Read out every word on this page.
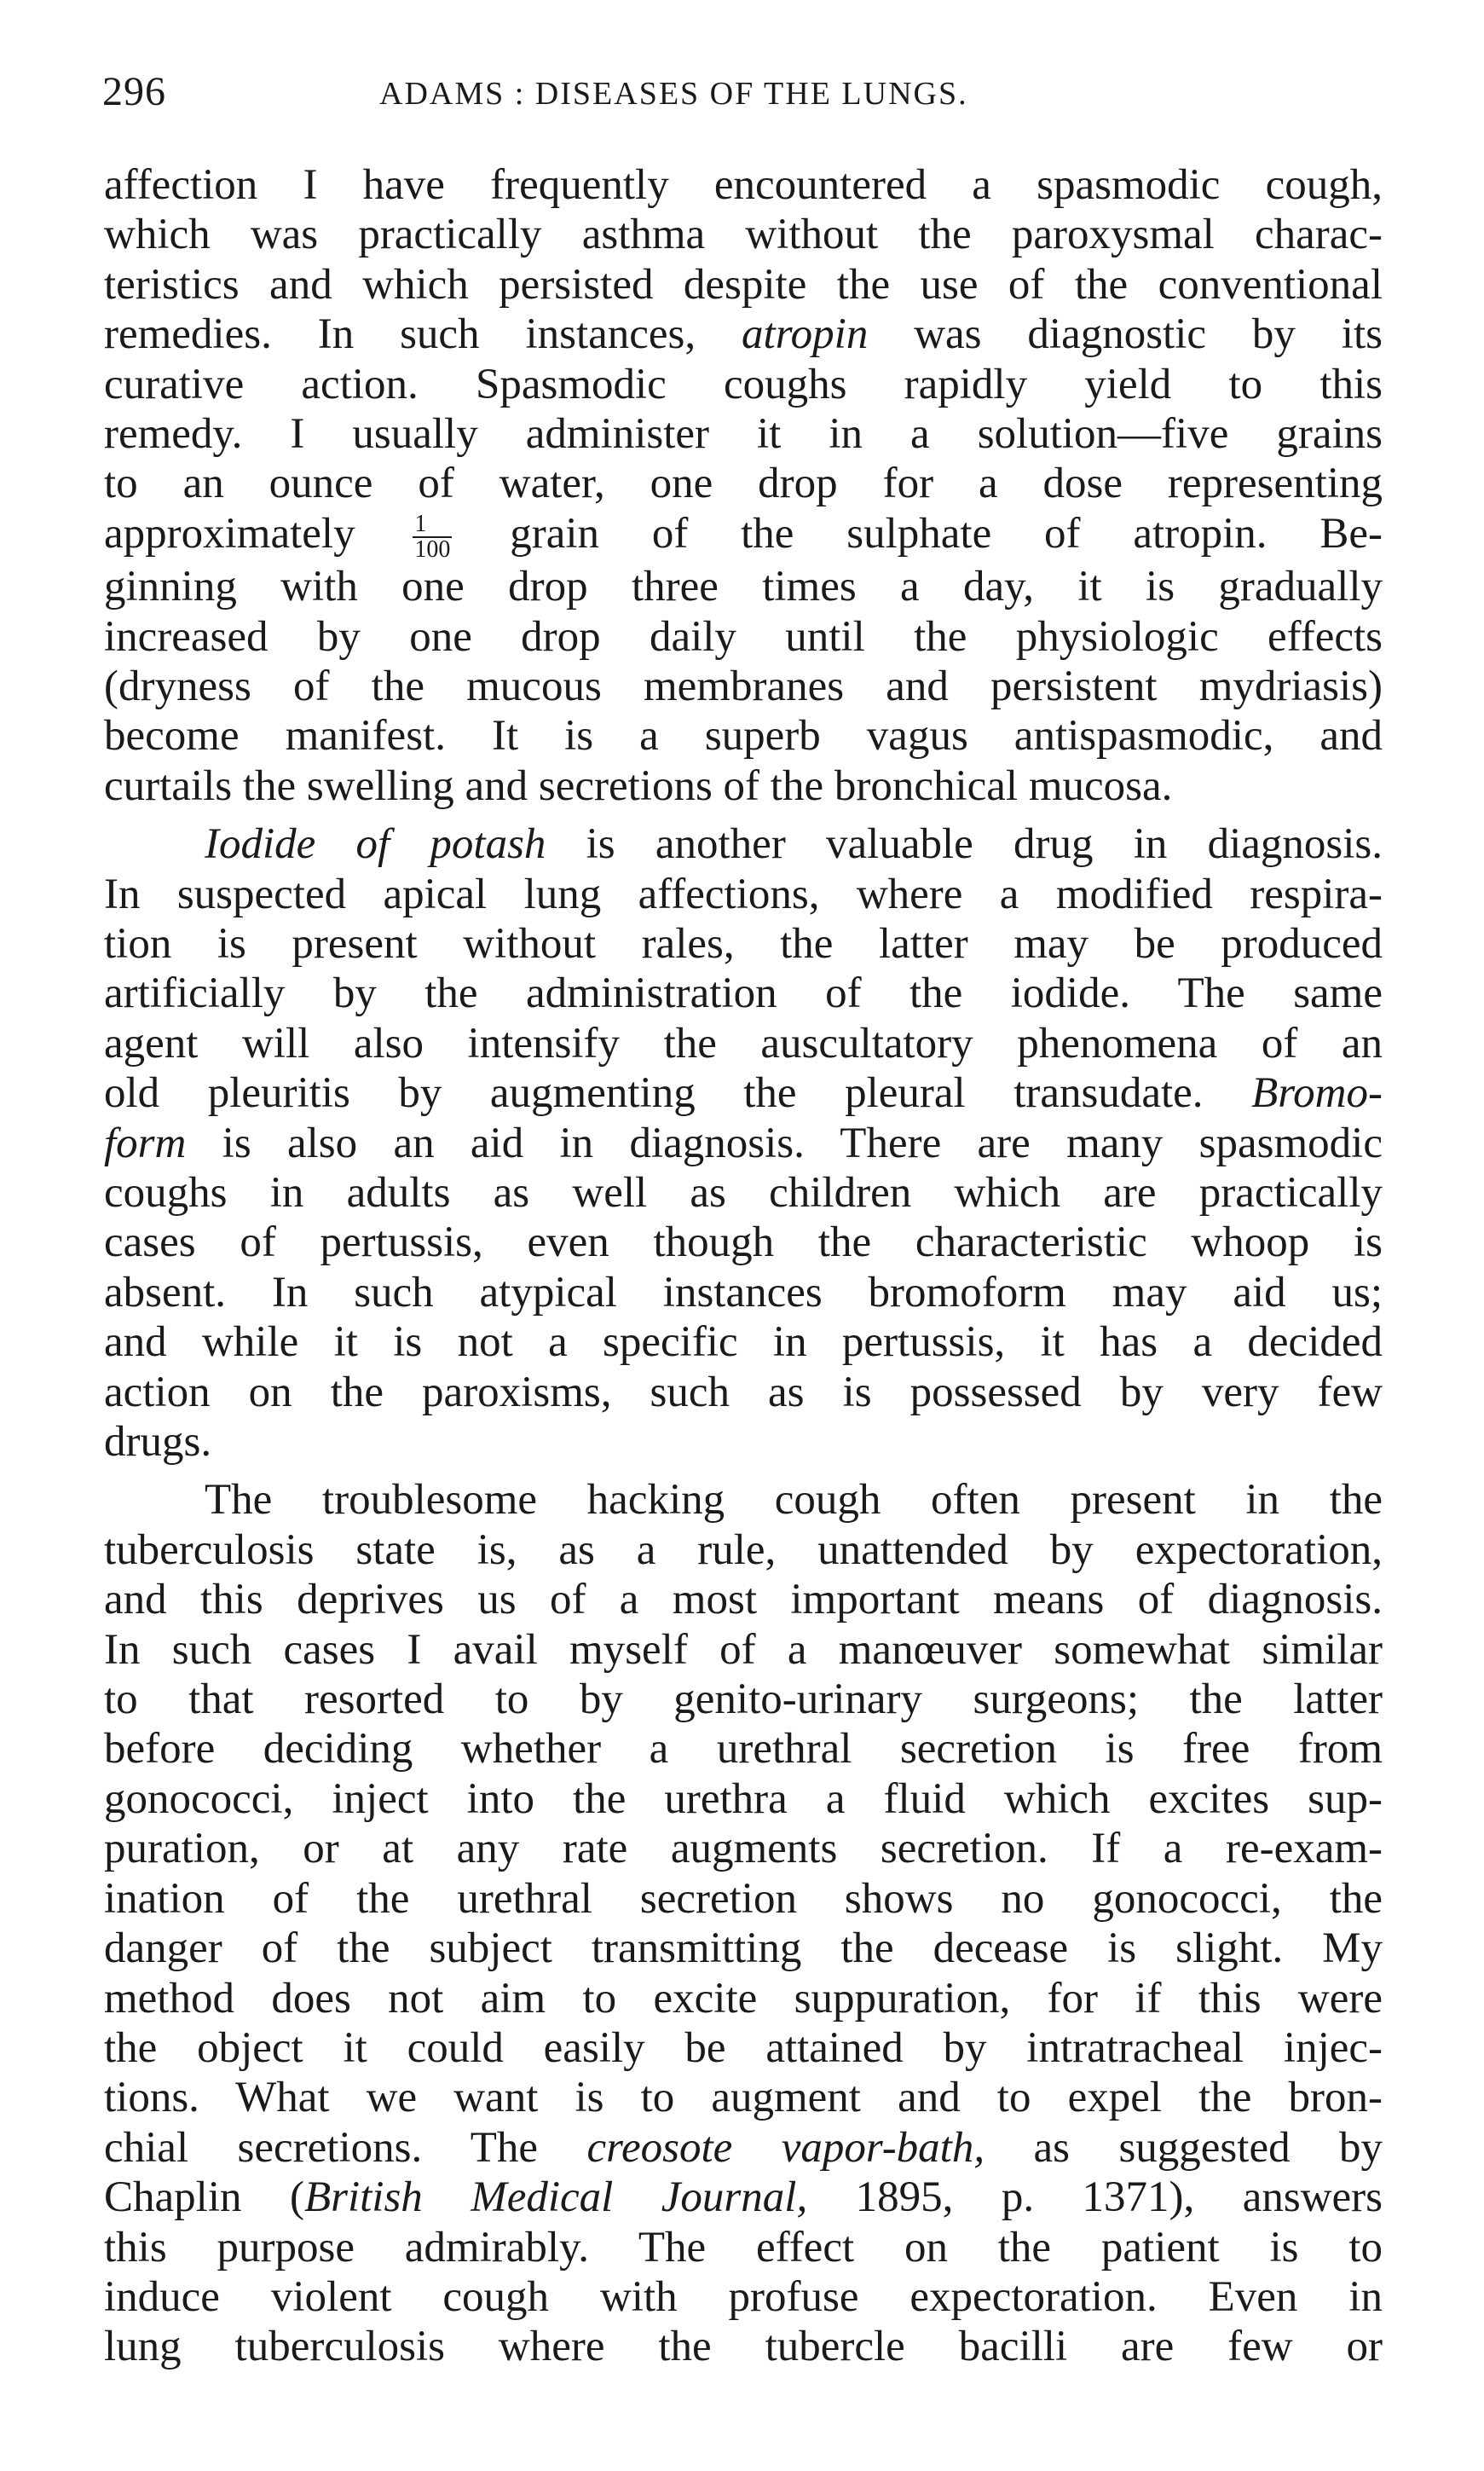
296	ADAMS : DISEASES OF THE LUNGS.
affection I have frequently encountered a spasmodic cough,
which was practically asthma without the paroxysmal charac-
teristics and which persisted despite the use of the conventional
remedies. In such instances, atropin was diagnostic by its
curative action. Spasmodic coughs rapidly yield to this
remedy. I usually administer it in a solution—five grains
to an ounce of water, one drop for a dose representing
approximately $\frac{1}{100}$ grain of the sulphate of atropin. Be-
ginning with one drop three times a day, it is gradually
increased by one drop daily until the physiologic effects
(dryness of the mucous membranes and persistent mydriasis)
become manifest. It is a superb vagus antispasmodic, and
curtails the swelling and secretions of the bronchical mucosa.
Iodide of potash is another valuable drug in diagnosis.
In suspected apical lung affections, where a modified respira-
tion is present without rales, the latter may be produced
artificially by the administration of the iodide. The same
agent will also intensify the auscultatory phenomena of an
old pleuritis by augmenting the pleural transudate. Bromo-
form is also an aid in diagnosis. There are many spasmodic
coughs in adults as well as children which are practically
cases of pertussis, even though the characteristic whoop is
absent. In such atypical instances bromoform may aid us;
and while it is not a specific in pertussis, it has a decided
action on the paroxisms, such as is possessed by very few
drugs.
The troublesome hacking cough often present in the
tuberculosis state is, as a rule, unattended by expectoration,
and this deprives us of a most important means of diagnosis.
In such cases I avail myself of a manœuver somewhat similar
to that resorted to by genito-urinary surgeons; the latter
before deciding whether a urethral secretion is free from
gonococci, inject into the urethra a fluid which excites sup-
puration, or at any rate augments secretion. If a re-exam-
ination of the urethral secretion shows no gonococci, the
danger of the subject transmitting the decease is slight. My
method does not aim to excite suppuration, for if this were
the object it could easily be attained by intratracheal injec-
tions. What we want is to augment and to expel the bron-
chial secretions. The creosote vapor-bath, as suggested by
Chaplin (British Medical Journal, 1895, p. 1371), answers
this purpose admirably. The effect on the patient is to
induce violent cough with profuse expectoration. Even in
lung tuberculosis where the tubercle bacilli are few or
